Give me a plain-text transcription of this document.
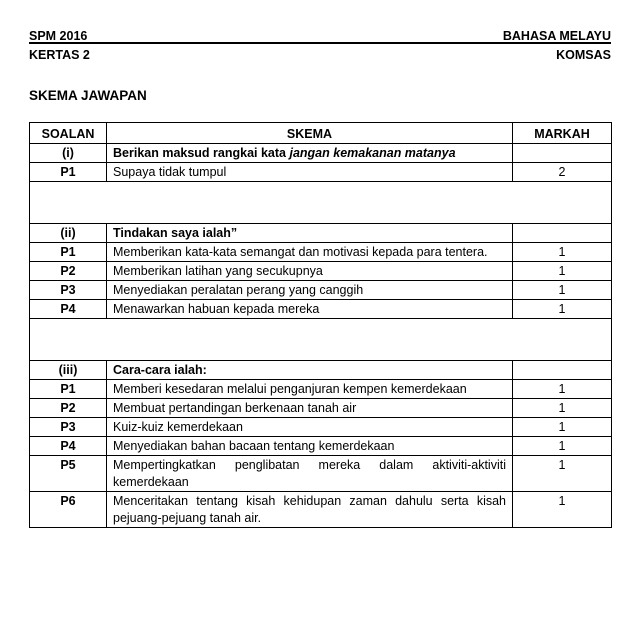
SPM 2016	BAHASA MELAYU
KERTAS 2	KOMSAS
SKEMA JAWAPAN
SOALAN	SKEMA	MARKAH
(i)	Berikan maksud rangkai kata jangan kemakanan matanya	
P1	Supaya tidak tumpul	2

(ii)	Tindakan saya ialah”	
P1	Memberikan kata-kata semangat dan motivasi kepada para tentera.	1
P2	Memberikan latihan yang secukupnya	1
P3	Menyediakan peralatan perang yang canggih	1
P4	Menawarkan habuan kepada mereka	1

(iii)	Cara-cara ialah:	
P1	Memberi kesedaran melalui penganjuran kempen kemerdekaan	1
P2	Membuat pertandingan berkenaan tanah air	1
P3	Kuiz-kuiz kemerdekaan	1
P4	Menyediakan bahan bacaan tentang kemerdekaan	1
P5	Mempertingkatkan penglibatan mereka dalam aktiviti-aktiviti kemerdekaan	1
P6	Menceritakan tentang kisah kehidupan zaman dahulu serta kisah pejuang-pejuang tanah air.	1
